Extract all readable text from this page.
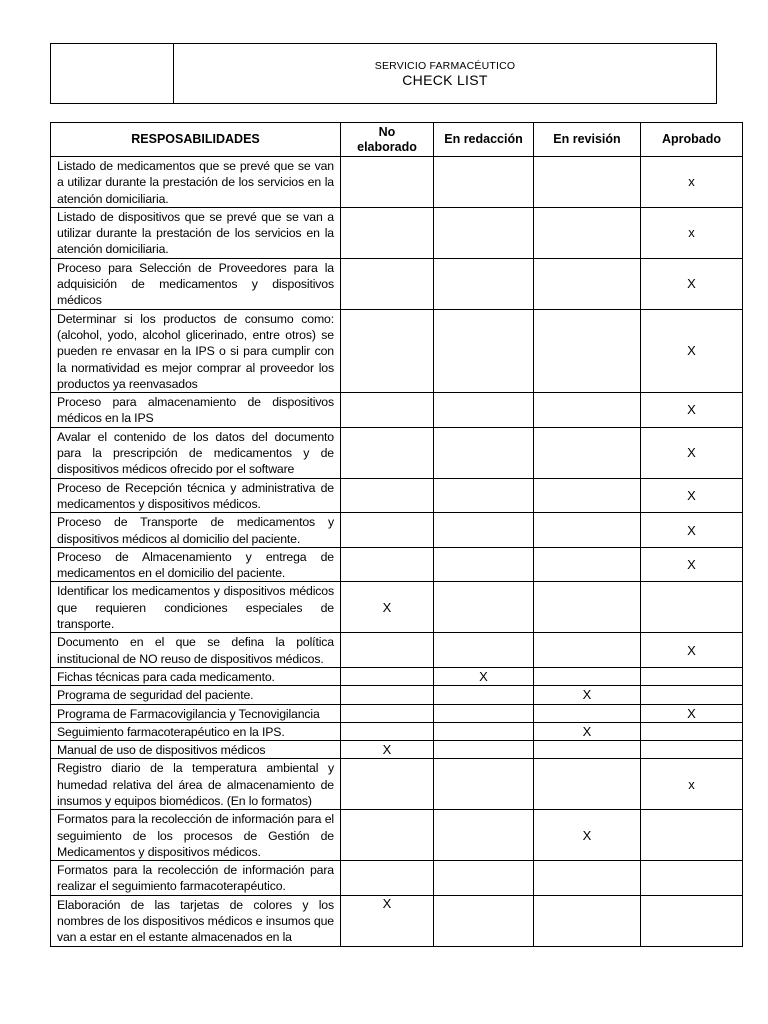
SERVICIO FARMACÉUTICO
CHECK LIST
RESPOSABILIDADES	No elaborado	En redacción	En revisión	Aprobado
Listado de medicamentos que se prevé que se van a utilizar durante la prestación de los servicios en la atención domiciliaria.				x
Listado de dispositivos que se prevé que se van a utilizar durante la prestación de los servicios en la atención domiciliaria.				x
Proceso para Selección de Proveedores para la adquisición de medicamentos y dispositivos médicos				X
Determinar si los productos de consumo como: (alcohol, yodo, alcohol glicerinado, entre otros) se pueden re envasar en la IPS o si para cumplir con la normatividad es mejor comprar al proveedor los productos ya reenvasados				X
Proceso para almacenamiento de dispositivos médicos en la IPS				X
Avalar el contenido de los datos del documento para la prescripción de medicamentos y de dispositivos médicos ofrecido por el software				X
Proceso de Recepción técnica y administrativa de medicamentos y dispositivos médicos.				X
Proceso de Transporte de medicamentos y dispositivos médicos al domicilio del paciente.				X
Proceso de Almacenamiento y entrega de medicamentos en el domicilio del paciente.				X
Identificar los medicamentos y dispositivos médicos que requieren condiciones especiales de transporte.	X			
Documento en el que se defina la política institucional de NO reuso de dispositivos médicos.				X
Fichas técnicas para cada medicamento.		X		
Programa de seguridad del paciente.			X	
Programa de Farmacovigilancia y Tecnovigilancia				X
Seguimiento farmacoterapéutico en la IPS.			X	
Manual de uso de dispositivos médicos	X			
Registro diario de la temperatura ambiental y humedad relativa del área de almacenamiento de insumos y equipos biomédicos. (En lo formatos)				x
Formatos para la recolección de información para el seguimiento de los procesos de Gestión de Medicamentos y dispositivos médicos.			X	
Formatos para la recolección de información para realizar el seguimiento farmacoterapéutico.				
Elaboración de las tarjetas de colores y los nombres de los dispositivos médicos e insumos que van a estar en el estante almacenados en la	X			
